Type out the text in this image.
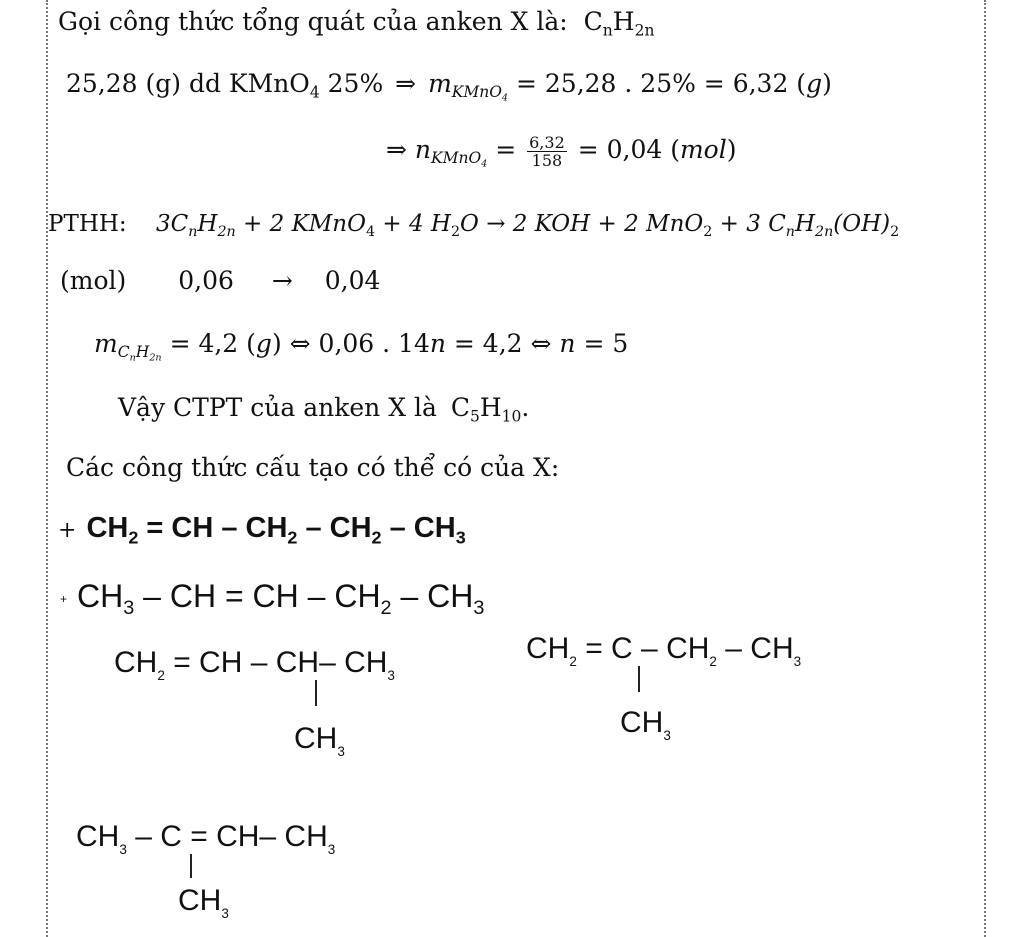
Gọi công thức tổng quát của anken X là: $C_nH_{2n}$
25,28 (g) dd KMnO$_4$ 25% ⇒ $m_{KMnO_4} = 25,28$ . 25% = 6,32 (g)
⇒ $n_{KMnO_4} = \frac{6,32}{158} = 0,04$ (mol)
PTHH: $3C_nH_{2n} + 2$ KMnO$_4$ + 4 $H_2O \to 2$ KOH + 2 MnO$_2$ + 3 $C_nH_{2n}(OH)_2$
(mol) 0,06 → 0,04
$m_{C_nH_{2n}} = 4,2$ (g) ⇔ 0,06 . 14n = 4,2 ⇔ n = 5
Vậy CTPT của anken X là $C_5H_{10}$.
Các công thức cấu tạo có thể có của X:
+ $CH_2$ = CH – $CH_2 - CH_2 - CH_3$
+ $CH_3$ – CH = CH – $CH_2 - CH_3$
$CH_2$ = CH – CH– $CH_3$
$CH_3$
$CH_2 = C - CH_2 - CH_3$
$CH_3$
$CH_3 - C = CH-$ $CH_3$
$CH_3$
